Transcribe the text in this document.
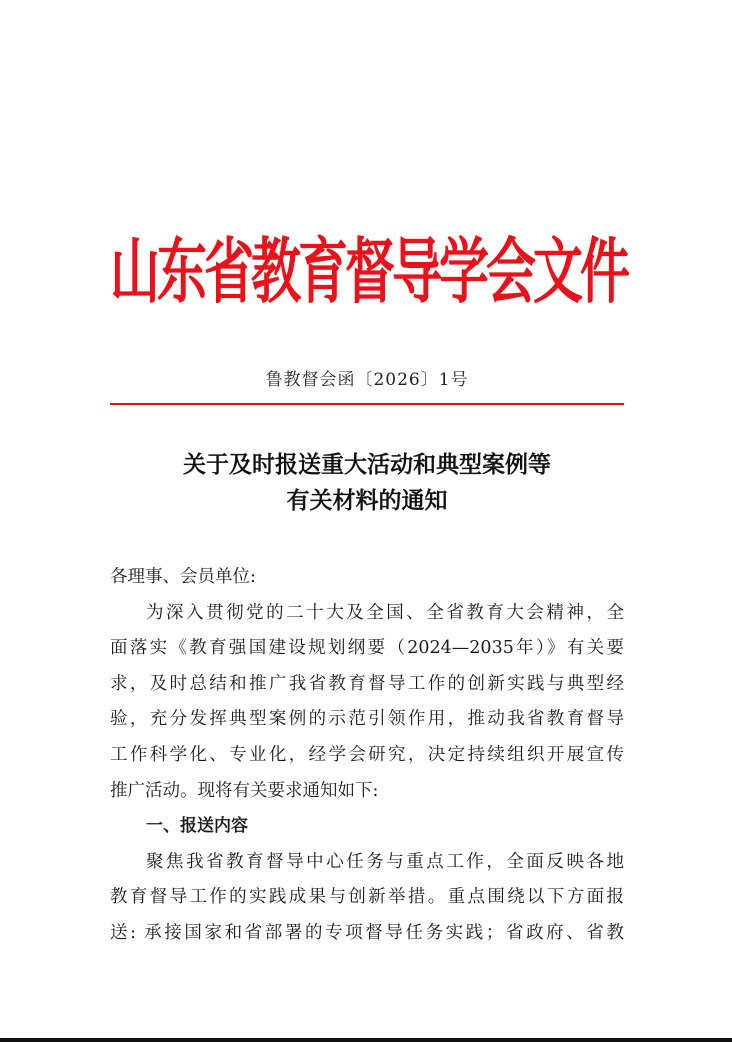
山东省教育督导学会文件
鲁教督会函〔2026〕1号
关于及时报送重大活动和典型案例等
有关材料的通知
各理事、会员单位:
为深入贯彻党的二十大及全国、全省教育大会精神，全
面落实《教育强国建设规划纲要（2024—2035年）》有关要
求，及时总结和推广我省教育督导工作的创新实践与典型经
验，充分发挥典型案例的示范引领作用，推动我省教育督导
工作科学化、专业化，经学会研究，决定持续组织开展宣传
推广活动。现将有关要求通知如下:
一、报送内容
聚焦我省教育督导中心任务与重点工作，全面反映各地
教育督导工作的实践成果与创新举措。重点围绕以下方面报
送: 承接国家和省部署的专项督导任务实践；省政府、省教
